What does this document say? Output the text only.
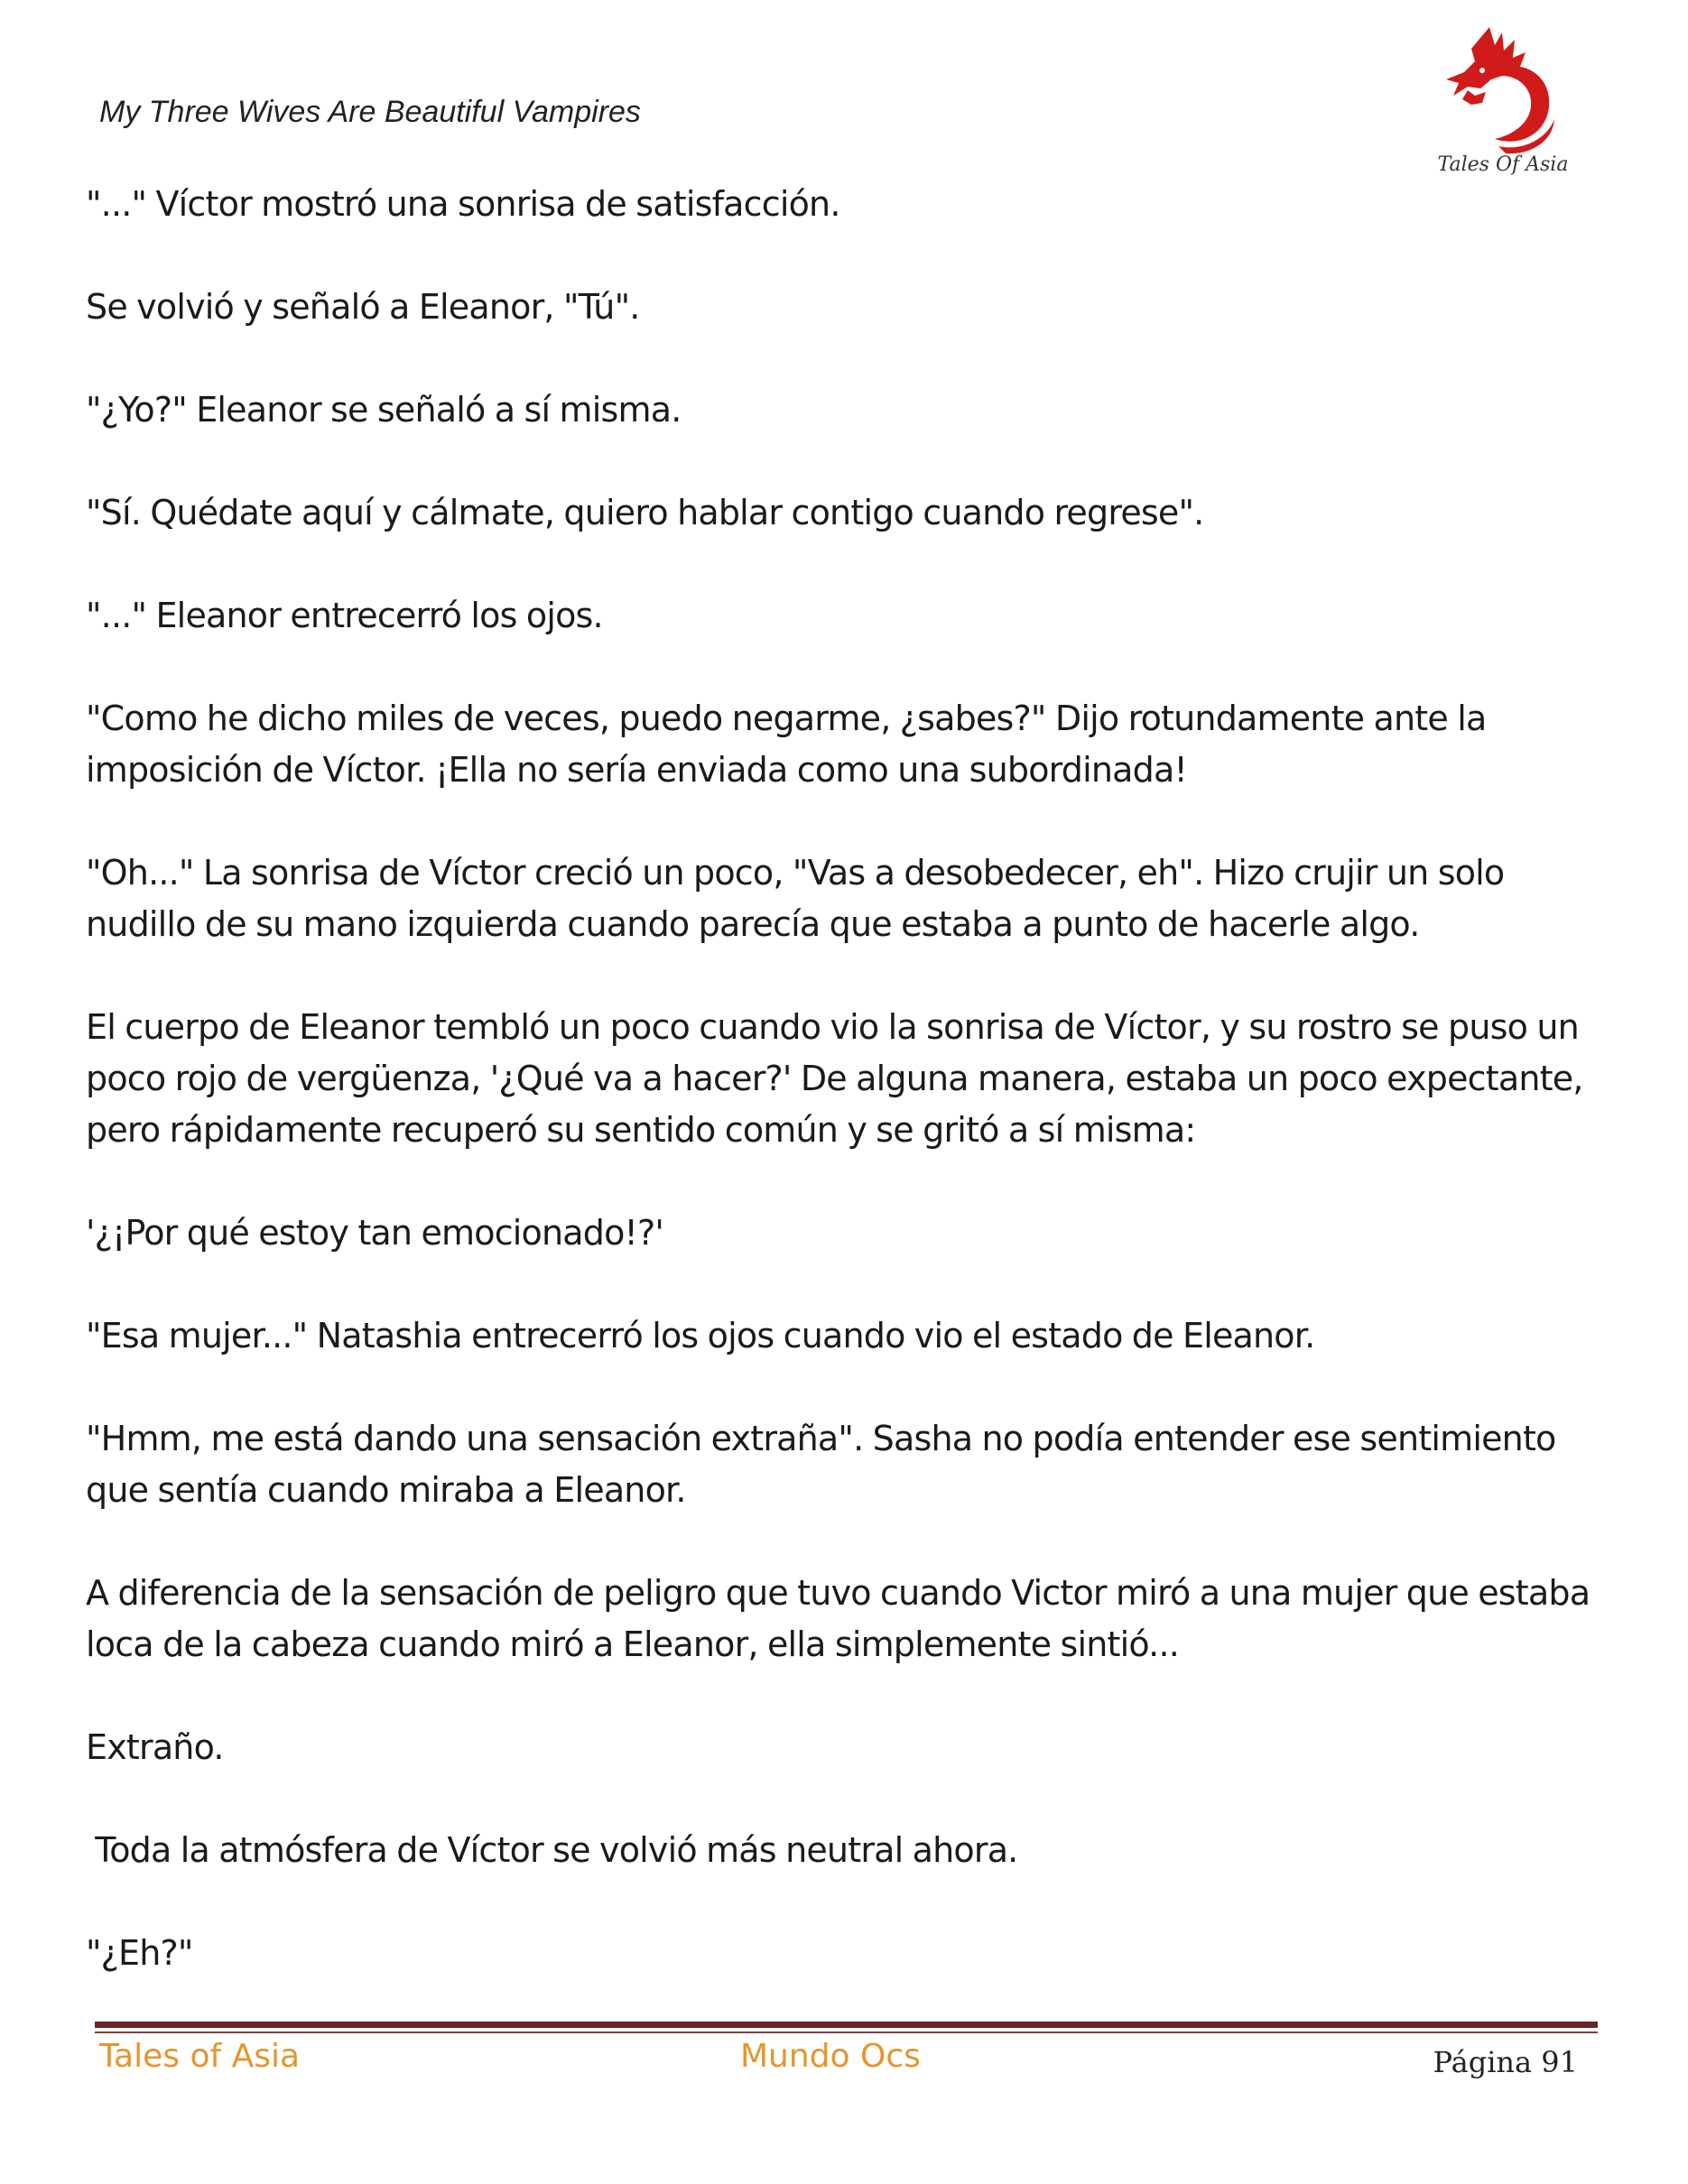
My Three Wives Are Beautiful Vampires
Tales Of Asia

"..." Víctor mostró una sonrisa de satisfacción.

Se volvió y señaló a Eleanor, "Tú".

"¿Yo?" Eleanor se señaló a sí misma.

"Sí. Quédate aquí y cálmate, quiero hablar contigo cuando regrese".

"..." Eleanor entrecerró los ojos.

"Como he dicho miles de veces, puedo negarme, ¿sabes?" Dijo rotundamente ante la imposición de Víctor. ¡Ella no sería enviada como una subordinada!

"Oh..." La sonrisa de Víctor creció un poco, "Vas a desobedecer, eh". Hizo crujir un solo nudillo de su mano izquierda cuando parecía que estaba a punto de hacerle algo.

El cuerpo de Eleanor tembló un poco cuando vio la sonrisa de Víctor, y su rostro se puso un poco rojo de vergüenza, '¿Qué va a hacer?' De alguna manera, estaba un poco expectante, pero rápidamente recuperó su sentido común y se gritó a sí misma:

'¿¡Por qué estoy tan emocionado!?'

"Esa mujer..." Natashia entrecerró los ojos cuando vio el estado de Eleanor.

"Hmm, me está dando una sensación extraña". Sasha no podía entender ese sentimiento que sentía cuando miraba a Eleanor.

A diferencia de la sensación de peligro que tuvo cuando Victor miró a una mujer que estaba loca de la cabeza cuando miró a Eleanor, ella simplemente sintió...

Extraño.

Toda la atmósfera de Víctor se volvió más neutral ahora.

"¿Eh?"

Tales of Asia	Mundo Ocs	Página 91
